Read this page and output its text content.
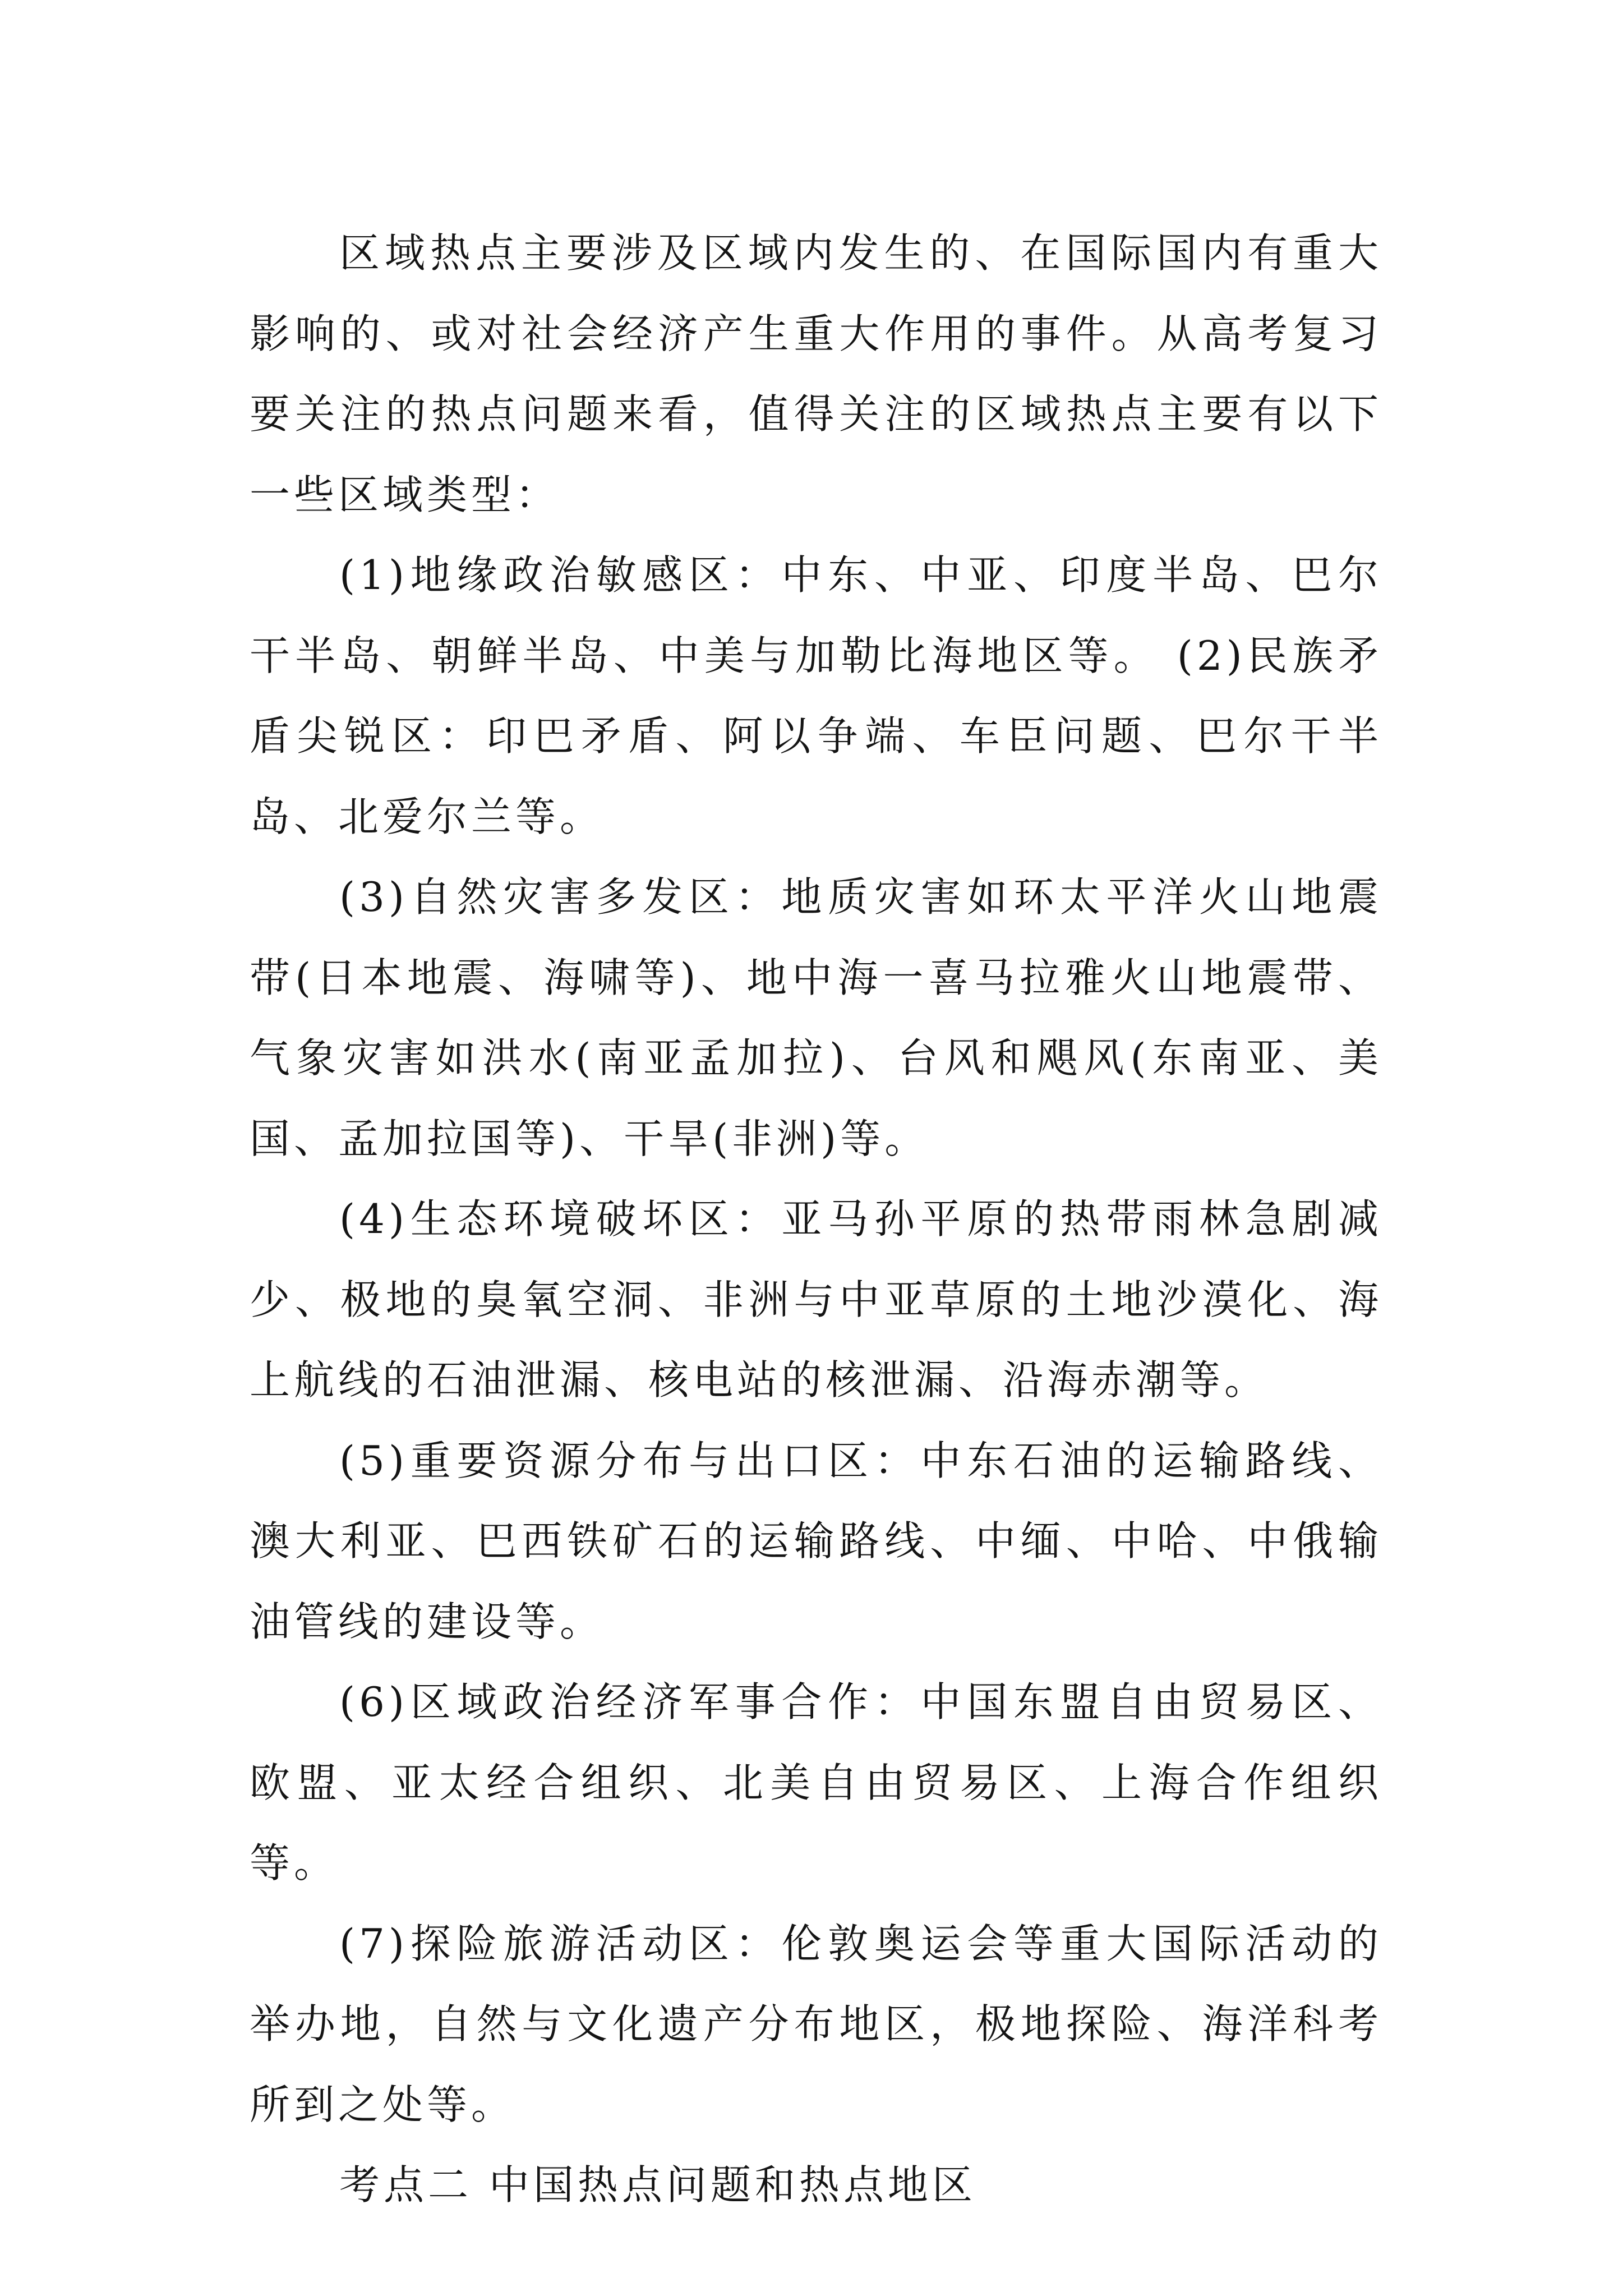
区域热点主要涉及区域内发生的、在国际国内有重大影响的、或对社会经济产生重大作用的事件。从高考复习要关注的热点问题来看，值得关注的区域热点主要有以下一些区域类型：

(1)地缘政治敏感区：中东、中亚、印度半岛、巴尔干半岛、朝鲜半岛、中美与加勒比海地区等。 (2)民族矛盾尖锐区：印巴矛盾、阿以争端、车臣问题、巴尔干半岛、北爱尔兰等。

(3)自然灾害多发区：地质灾害如环太平洋火山地震带(日本地震、海啸等)、地中海一喜马拉雅火山地震带、气象灾害如洪水(南亚孟加拉)、台风和飓风(东南亚、美国、孟加拉国等)、干旱(非洲)等。

(4)生态环境破坏区：亚马孙平原的热带雨林急剧减少、极地的臭氧空洞、非洲与中亚草原的土地沙漠化、海上航线的石油泄漏、核电站的核泄漏、沿海赤潮等。

(5)重要资源分布与出口区：中东石油的运输路线、澳大利亚、巴西铁矿石的运输路线、中缅、中哈、中俄输油管线的建设等。

(6)区域政治经济军事合作：中国东盟自由贸易区、欧盟、亚太经合组织、北美自由贸易区、上海合作组织等。

(7)探险旅游活动区：伦敦奥运会等重大国际活动的举办地，自然与文化遗产分布地区，极地探险、海洋科考所到之处等。

考点二 中国热点问题和热点地区
